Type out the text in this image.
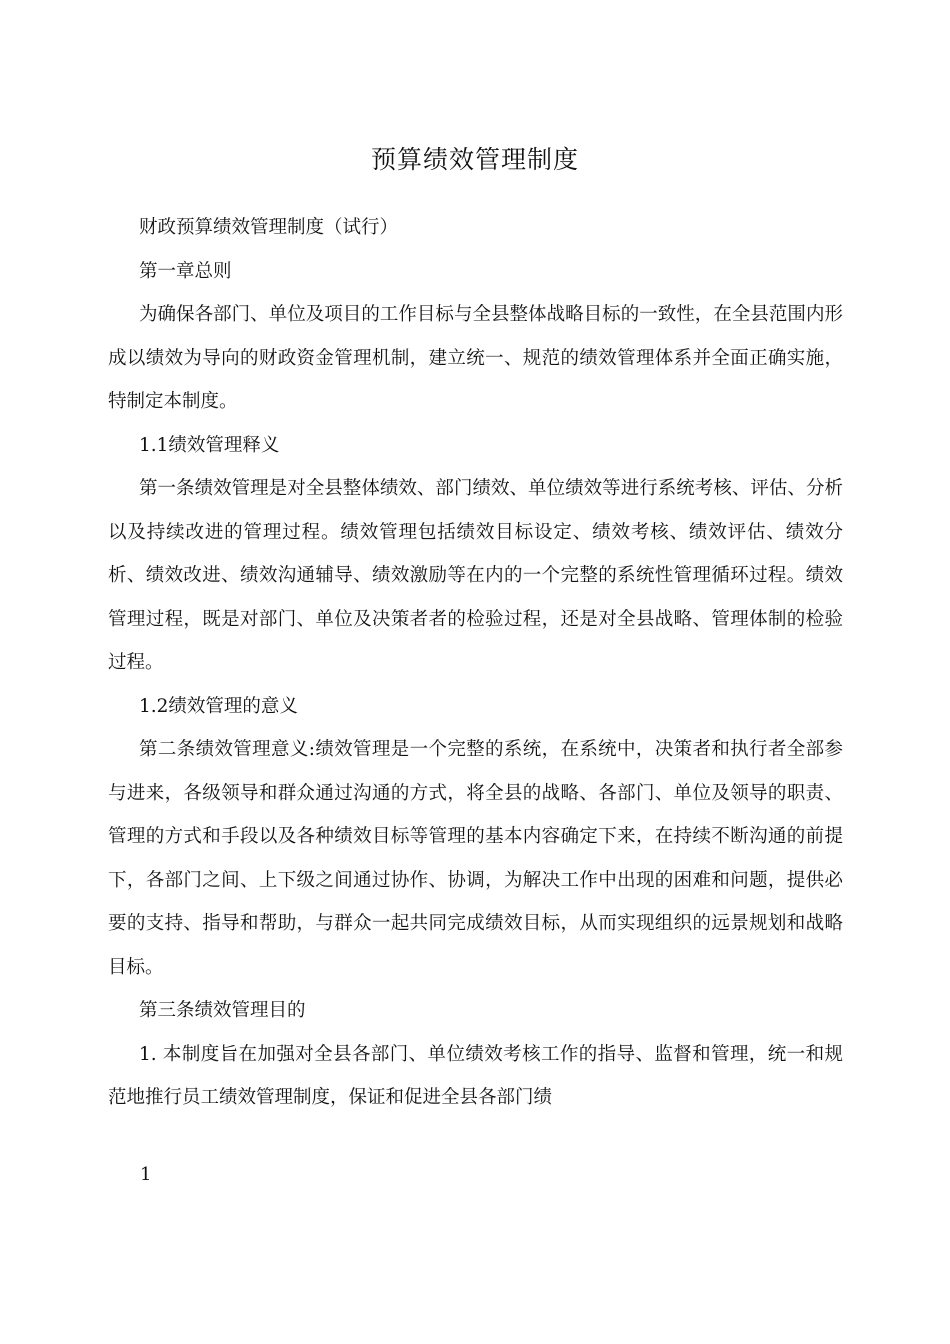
预算绩效管理制度

财政预算绩效管理制度（试行）

第一章总则

为确保各部门、单位及项目的工作目标与全县整体战略目标的一致性，在全县范围内形成以绩效为导向的财政资金管理机制，建立统一、规范的绩效管理体系并全面正确实施，特制定本制度。

1.1绩效管理释义

第一条绩效管理是对全县整体绩效、部门绩效、单位绩效等进行系统考核、评估、分析以及持续改进的管理过程。绩效管理包括绩效目标设定、绩效考核、绩效评估、绩效分析、绩效改进、绩效沟通辅导、绩效激励等在内的一个完整的系统性管理循环过程。绩效管理过程，既是对部门、单位及决策者者的检验过程，还是对全县战略、管理体制的检验过程。

1.2绩效管理的意义

第二条绩效管理意义:绩效管理是一个完整的系统，在系统中，决策者和执行者全部参与进来，各级领导和群众通过沟通的方式，将全县的战略、各部门、单位及领导的职责、管理的方式和手段以及各种绩效目标等管理的基本内容确定下来，在持续不断沟通的前提下，各部门之间、上下级之间通过协作、协调，为解决工作中出现的困难和问题，提供必要的支持、指导和帮助，与群众一起共同完成绩效目标，从而实现组织的远景规划和战略目标。

第三条绩效管理目的

1. 本制度旨在加强对全县各部门、单位绩效考核工作的指导、监督和管理，统一和规范地推行员工绩效管理制度，保证和促进全县各部门绩

1
